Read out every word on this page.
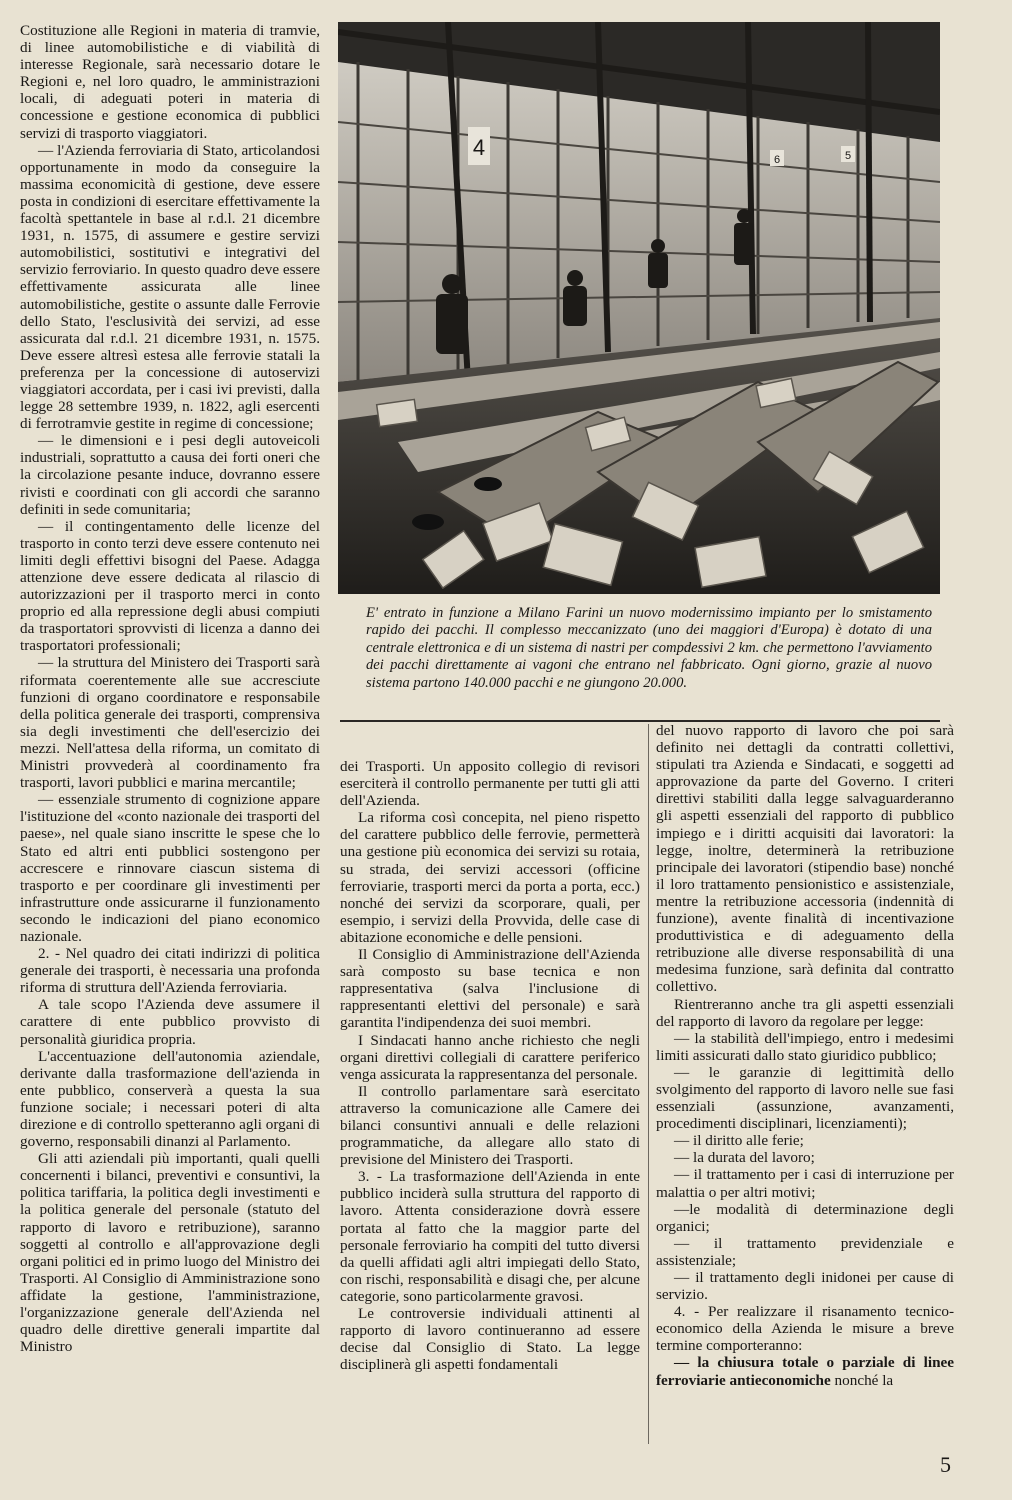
Costituzione alle Regioni in materia di tramvie, di linee automobilistiche e di viabilità di interesse Regionale, sarà necessario dotare le Regioni e, nel loro quadro, le amministrazioni locali, di adeguati poteri in materia di concessione e gestione economica di pubblici servizi di trasporto viaggiatori.

— l'Azienda ferroviaria di Stato, articolandosi opportunamente in modo da conseguire la massima economicità di gestione, deve essere posta in condizioni di esercitare effettivamente la facoltà spettantele in base al r.d.l. 21 dicembre 1931, n. 1575, di assumere e gestire servizi automobilistici, sostitutivi e integrativi del servizio ferroviario. In questo quadro deve essere effettivamente assicurata alle linee automobilistiche, gestite o assunte dalle Ferrovie dello Stato, l'esclusività dei servizi, ad esse assicurata dal r.d.l. 21 dicembre 1931, n. 1575. Deve essere altresì estesa alle ferrovie statali la preferenza per la concessione di autoservizi viaggiatori accordata, per i casi ivi previsti, dalla legge 28 settembre 1939, n. 1822, agli esercenti di ferrotramvie gestite in regime di concessione;

— le dimensioni e i pesi degli autoveicoli industriali, soprattutto a causa dei forti oneri che la circolazione pesante induce, dovranno essere rivisti e coordinati con gli accordi che saranno definiti in sede comunitaria;

— il contingentamento delle licenze del trasporto in conto terzi deve essere contenuto nei limiti degli effettivi bisogni del Paese. Adagga attenzione deve essere dedicata al rilascio di autorizzazioni per il trasporto merci in conto proprio ed alla repressione degli abusi compiuti da trasportatori sprovvisti di licenza a danno dei trasportatori professionali;

— la struttura del Ministero dei Trasporti sarà riformata coerentemente alle sue accresciute funzioni di organo coordinatore e responsabile della politica generale dei trasporti, comprensiva sia degli investimenti che dell'esercizio dei mezzi. Nell'attesa della riforma, un comitato di Ministri provvederà al coordinamento fra trasporti, lavori pubblici e marina mercantile;

— essenziale strumento di cognizione appare l'istituzione del «conto nazionale dei trasporti del paese», nel quale siano inscritte le spese che lo Stato ed altri enti pubblici sostengono per accrescere e rinnovare ciascun sistema di trasporto e per coordinare gli investimenti per infrastrutture onde assicurarne il funzionamento secondo le indicazioni del piano economico nazionale.

2. - Nel quadro dei citati indirizzi di politica generale dei trasporti, è necessaria una profonda riforma di struttura dell'Azienda ferroviaria.

A tale scopo l'Azienda deve assumere il carattere di ente pubblico provvisto di personalità giuridica propria.

L'accentuazione dell'autonomia aziendale, derivante dalla trasformazione dell'azienda in ente pubblico, conserverà a questa la sua funzione sociale; i necessari poteri di alta direzione e di controllo spetteranno agli organi di governo, responsabili dinanzi al Parlamento.

Gli atti aziendali più importanti, quali quelli concernenti i bilanci, preventivi e consuntivi, la politica tariffaria, la politica degli investimenti e la politica generale del personale (statuto del rapporto di lavoro e retribuzione), saranno soggetti al controllo e all'approvazione degli organi politici ed in primo luogo del Ministro dei Trasporti. Al Consiglio di Amministrazione sono affidate la gestione, l'amministrazione, l'organizzazione generale dell'Azienda nel quadro delle direttive generali impartite dal Ministro

4	6	5
E' entrato in funzione a Milano Farini un nuovo modernissimo impianto per lo smistamento rapido dei pacchi. Il complesso meccanizzato (uno dei maggiori d'Europa) è dotato di una centrale elettronica e di un sistema di nastri per compdessivi 2 km. che permettono l'avviamento dei pacchi direttamente ai vagoni che entrano nel fabbricato. Ogni giorno, grazie al nuovo sistema partono 140.000 pacchi e ne giungono 20.000.

dei Trasporti. Un apposito collegio di revisori eserciterà il controllo permanente per tutti gli atti dell'Azienda.

La riforma così concepita, nel pieno rispetto del carattere pubblico delle ferrovie, permetterà una gestione più economica dei servizi su rotaia, su strada, dei servizi accessori (officine ferroviarie, trasporti merci da porta a porta, ecc.) nonché dei servizi da scorporare, quali, per esempio, i servizi della Provvida, delle case di abitazione economiche e delle pensioni.

Il Consiglio di Amministrazione dell'Azienda sarà composto su base tecnica e non rappresentativa (salva l'inclusione di rappresentanti elettivi del personale) e sarà garantita l'indipendenza dei suoi membri.

I Sindacati hanno anche richiesto che negli organi direttivi collegiali di carattere periferico venga assicurata la rappresentanza del personale.

Il controllo parlamentare sarà esercitato attraverso la comunicazione alle Camere dei bilanci consuntivi annuali e delle relazioni programmatiche, da allegare allo stato di previsione del Ministero dei Trasporti.

3. - La trasformazione dell'Azienda in ente pubblico inciderà sulla struttura del rapporto di lavoro. Attenta considerazione dovrà essere portata al fatto che la maggior parte del personale ferroviario ha compiti del tutto diversi da quelli affidati agli altri impiegati dello Stato, con rischi, responsabilità e disagi che, per alcune categorie, sono particolarmente gravosi.

Le controversie individuali attinenti al rapporto di lavoro continueranno ad essere decise dal Consiglio di Stato. La legge disciplinerà gli aspetti fondamentali

del nuovo rapporto di lavoro che poi sarà definito nei dettagli da contratti collettivi, stipulati tra Azienda e Sindacati, e soggetti ad approvazione da parte del Governo. I criteri direttivi stabiliti dalla legge salvaguarderanno gli aspetti essenziali del rapporto di pubblico impiego e i diritti acquisiti dai lavoratori: la legge, inoltre, determinerà la retribuzione principale dei lavoratori (stipendio base) nonché il loro trattamento pensionistico e assistenziale, mentre la retribuzione accessoria (indennità di funzione), avente finalità di incentivazione produttivistica e di adeguamento della retribuzione alle diverse responsabilità di una medesima funzione, sarà definita dal contratto collettivo.

Rientreranno anche tra gli aspetti essenziali del rapporto di lavoro da regolare per legge:

— la stabilità dell'impiego, entro i medesimi limiti assicurati dallo stato giuridico pubblico;

— le garanzie di legittimità dello svolgimento del rapporto di lavoro nelle sue fasi essenziali (assunzione, avanzamenti, procedimenti disciplinari, licenziamenti);

— il diritto alle ferie;

— la durata del lavoro;

— il trattamento per i casi di interruzione per malattia o per altri motivi;

—le modalità di determinazione degli organici;

— il trattamento previdenziale e assistenziale;

— il trattamento degli inidonei per cause di servizio.

4. - Per realizzare il risanamento tecnico-economico della Azienda le misure a breve termine comporteranno:

— la chiusura totale o parziale di linee ferroviarie antieconomiche nonché la

5
